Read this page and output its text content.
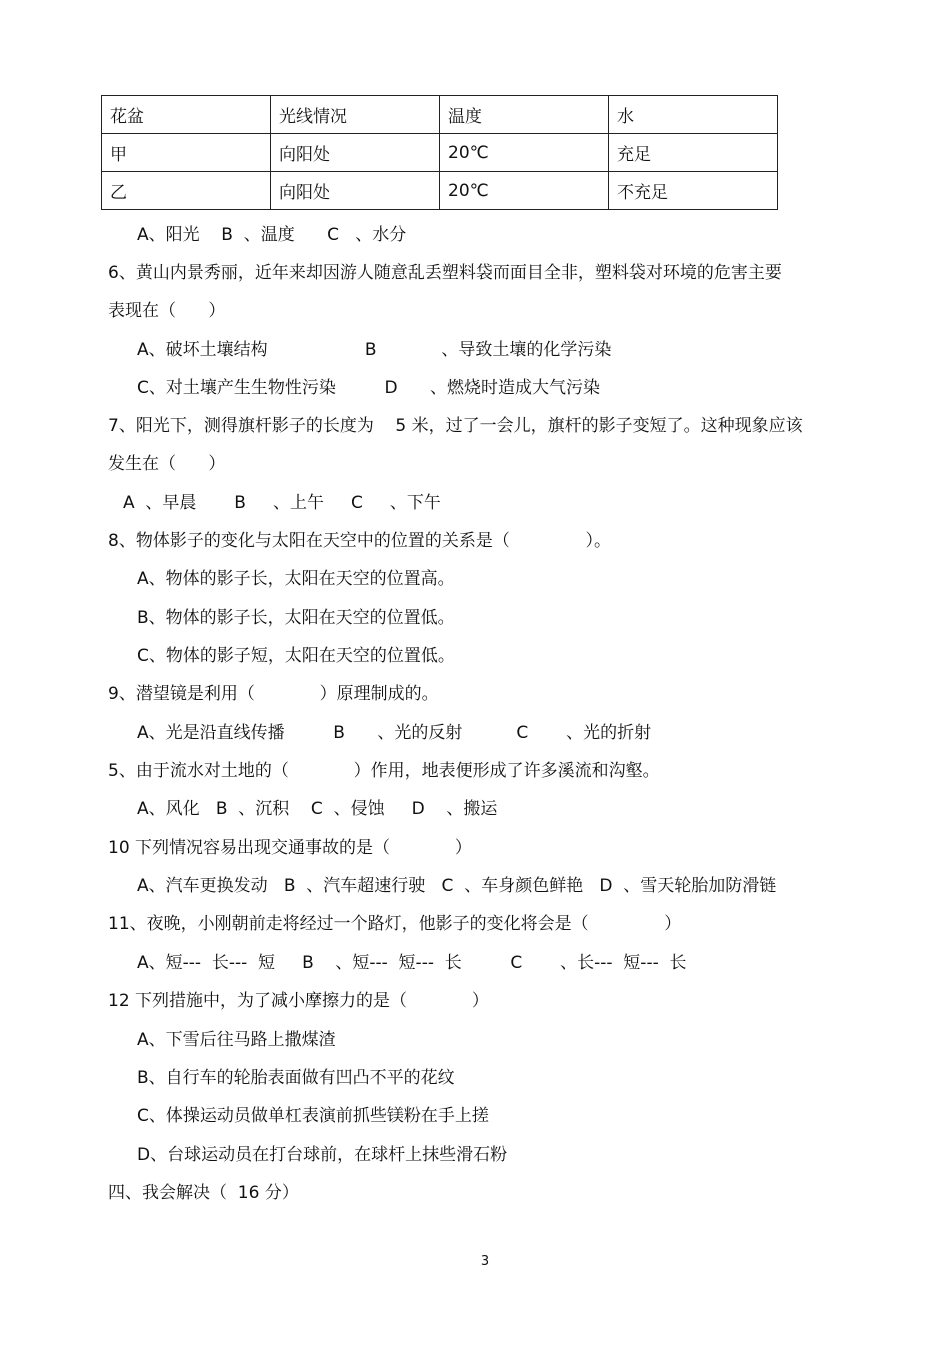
花盆	光线情况	温度	水
甲	向阳处	20℃	充足
乙	向阳处	20℃	不充足
A、阳光    B  、温度      C   、水分
6、黄山内景秀丽，近年来却因游人随意乱丢塑料袋而面目全非，塑料袋对环境的危害主要
表现在（      ）
A、破坏土壤结构                  B            、导致土壤的化学污染
C、对土壤产生生物性污染         D      、燃烧时造成大气污染
7、阳光下，测得旗杆影子的长度为    5 米，过了一会儿，旗杆的影子变短了。这种现象应该
发生在（      ）
A  、早晨       B     、上午     C     、下午
8、物体影子的变化与太阳在天空中的位置的关系是（              ）。
A、物体的影子长，太阳在天空的位置高。
B、物体的影子长，太阳在天空的位置低。
C、物体的影子短，太阳在天空的位置低。
9、潜望镜是利用（            ）原理制成的。
A、光是沿直线传播         B      、光的反射          C       、光的折射
5、由于流水对土地的（            ）作用，地表便形成了许多溪流和沟壑。
A、风化   B  、沉积    C  、侵蚀     D    、搬运
10 下列情况容易出现交通事故的是（            ）
A、汽车更换发动   B  、汽车超速行驶   C  、车身颜色鲜艳   D  、雪天轮胎加防滑链
11、夜晚，小刚朝前走将经过一个路灯，他影子的变化将会是（              ）
A、短---  长---  短     B    、短---  短---  长         C       、长---  短---  长
12 下列措施中，为了减小摩擦力的是（            ）
A、下雪后往马路上撒煤渣
B、自行车的轮胎表面做有凹凸不平的花纹
C、体操运动员做单杠表演前抓些镁粉在手上搓
D、台球运动员在打台球前，在球杆上抹些滑石粉
四、我会解决（  16 分）
3
